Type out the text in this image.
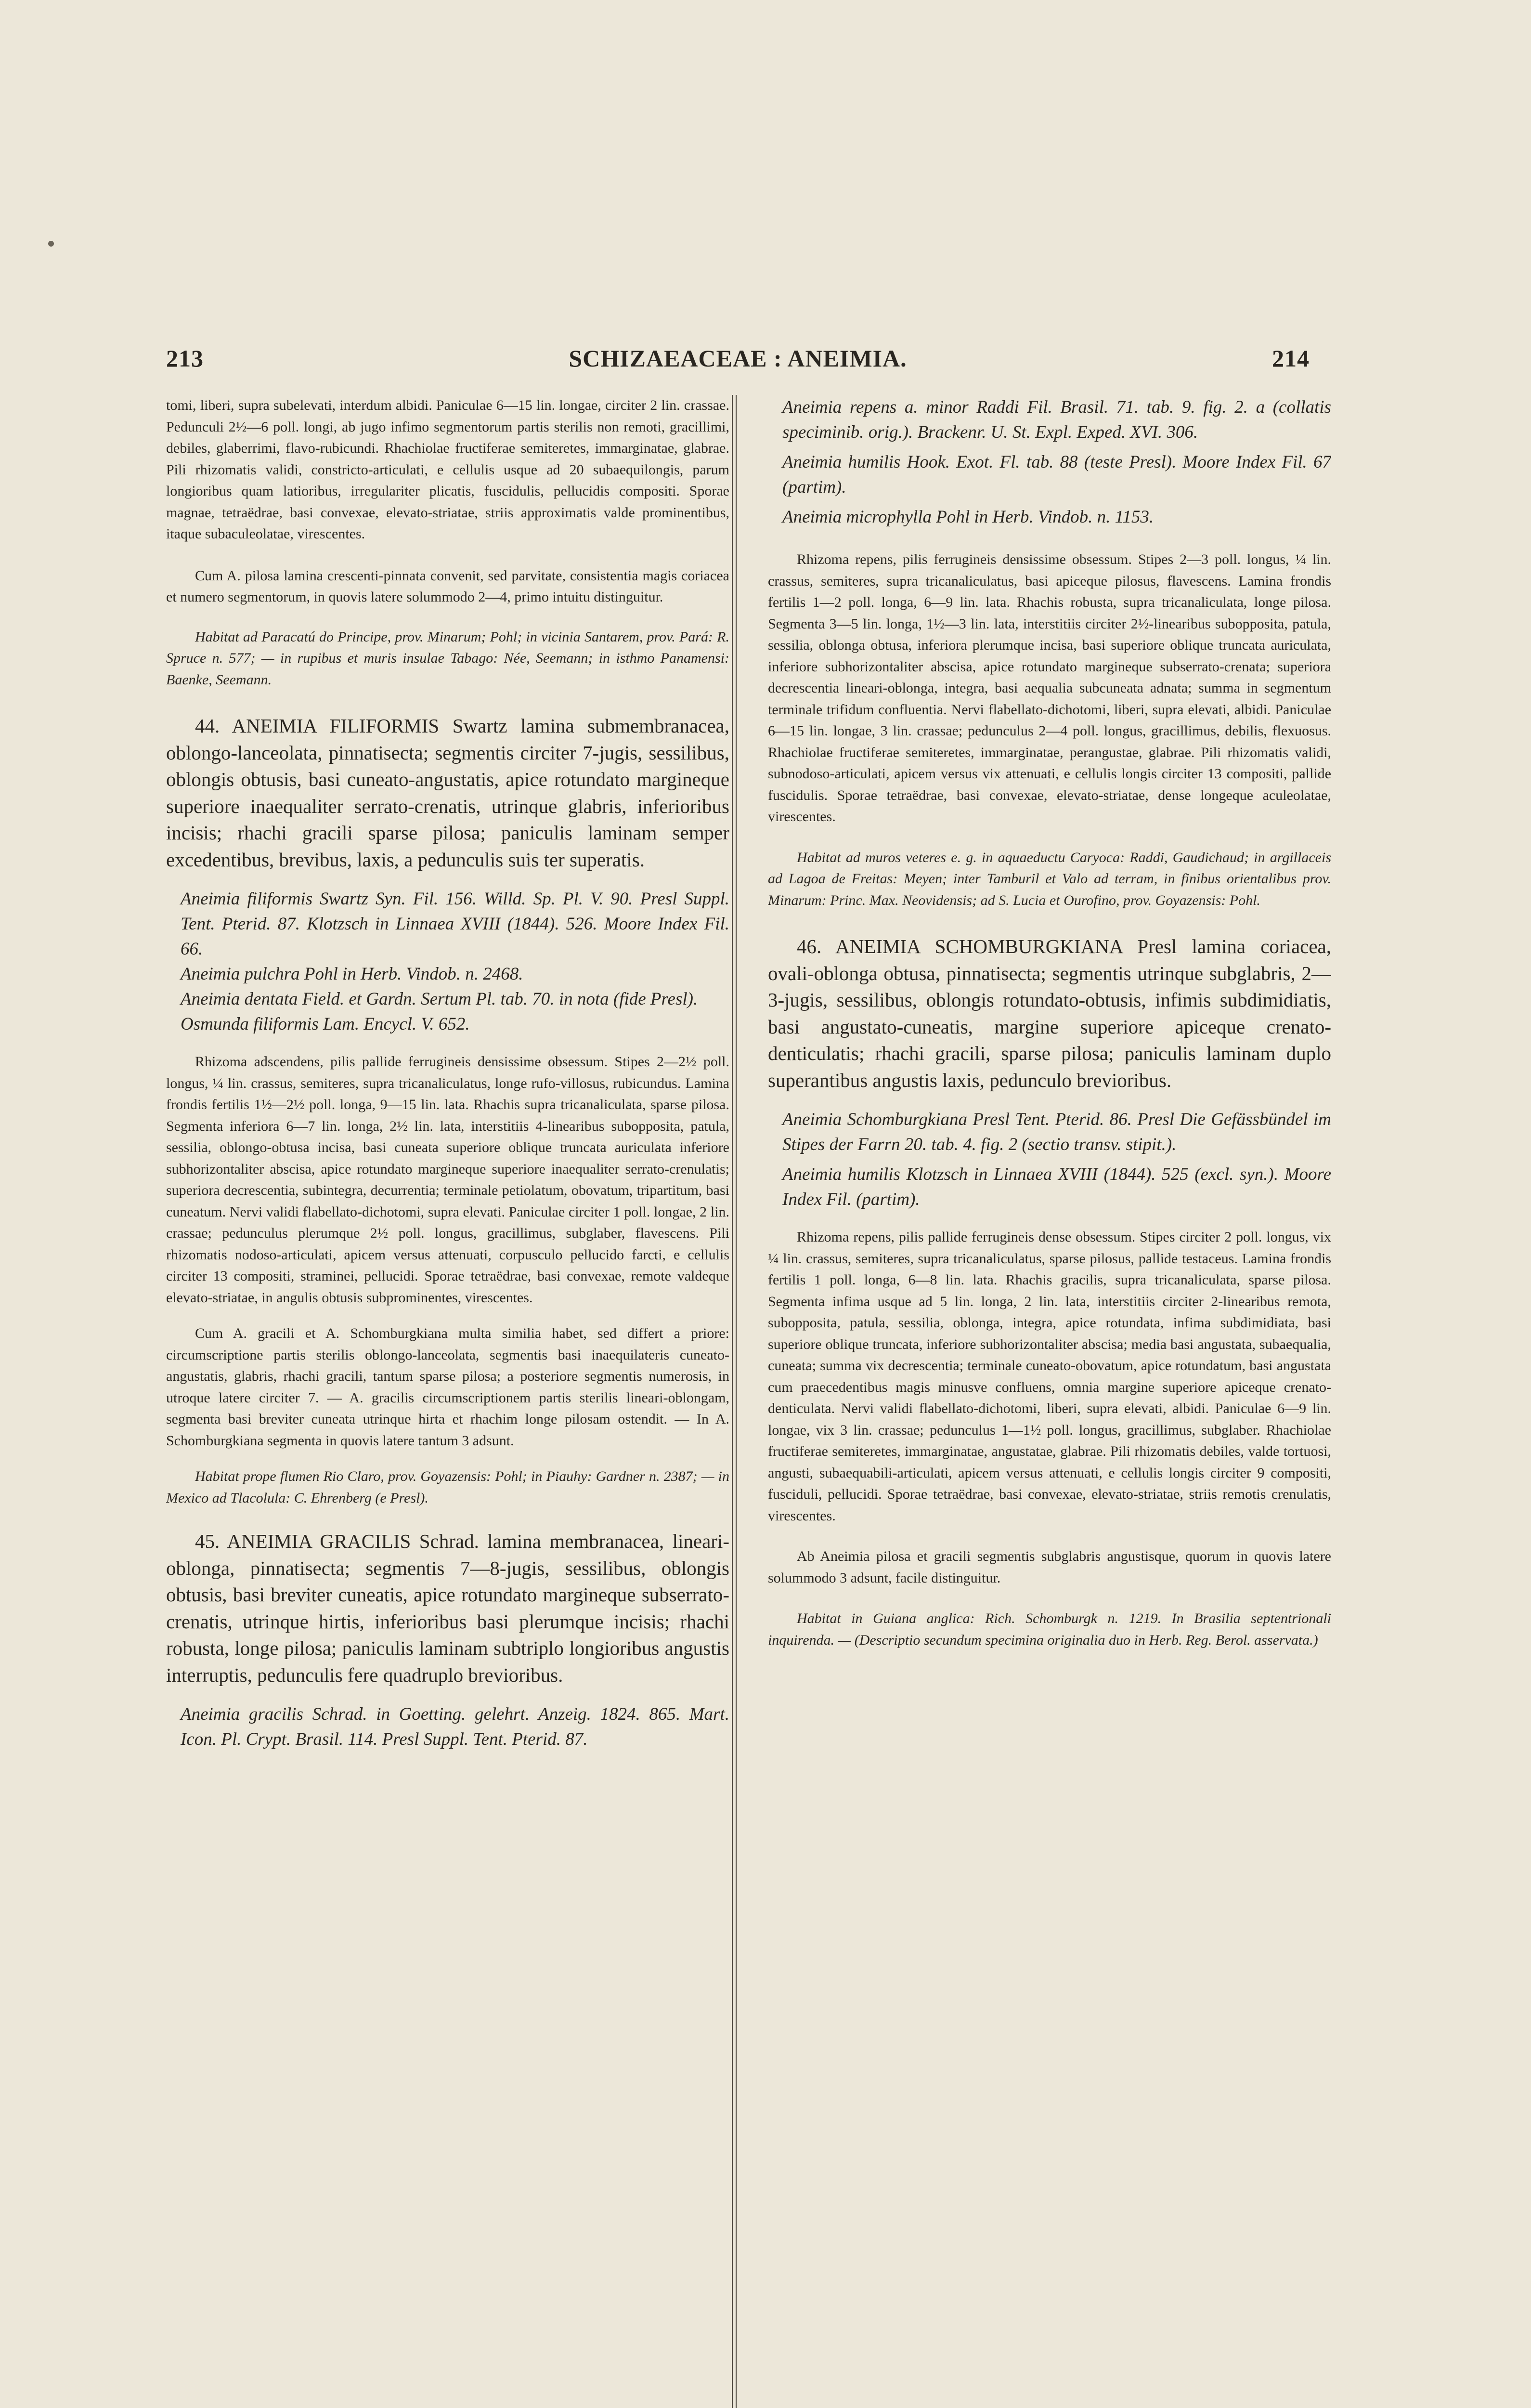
213	SCHIZAEACEAE : ANEIMIA.	214

tomi, liberi, supra subelevati, interdum albidi. Paniculae 6—15 lin. longae, circiter 2 lin. crassae. Pedunculi 2½—6 poll. longi, ab jugo infimo segmentorum partis sterilis non remoti, gracillimi, debiles, glaberrimi, flavo-rubicundi. Rhachiolae fructiferae semiteretes, immarginatae, glabrae. Pili rhizomatis validi, constricto-articulati, e cellulis usque ad 20 subaequilongis, parum longioribus quam latioribus, irregulariter plicatis, fuscidulis, pellucidis compositi. Sporae magnae, tetraëdrae, basi convexae, elevato-striatae, striis approximatis valde prominentibus, itaque subaculeolatae, virescentes.

Cum A. pilosa lamina crescenti-pinnata convenit, sed parvitate, consistentia magis coriacea et numero segmentorum, in quovis latere solummodo 2—4, primo intuitu distinguitur.

Habitat ad Paracatú do Principe, prov. Minarum; Pohl; in vicinia Santarem, prov. Pará: R. Spruce n. 577; — in rupibus et muris insulae Tabago: Née, Seemann; in isthmo Panamensi: Baenke, Seemann.

44. ANEIMIA FILIFORMIS Swartz lamina submembranacea, oblongo-lanceolata, pinnatisecta; segmentis circiter 7-jugis, sessilibus, oblongis obtusis, basi cuneato-angustatis, apice rotundato margineque superiore inaequaliter serrato-crenatis, utrinque glabris, inferioribus incisis; rhachi gracili sparse pilosa; paniculis laminam semper excedentibus, brevibus, laxis, a pedunculis suis ter superatis.

Aneimia filiformis Swartz Syn. Fil. 156. Willd. Sp. Pl. V. 90. Presl Suppl. Tent. Pterid. 87. Klotzsch in Linnaea XVIII (1844). 526. Moore Index Fil. 66.

Aneimia pulchra Pohl in Herb. Vindob. n. 2468.

Aneimia dentata Field. et Gardn. Sertum Pl. tab. 70. in nota (fide Presl).

Osmunda filiformis Lam. Encycl. V. 652.

Rhizoma adscendens, pilis pallide ferrugineis densissime obsessum. Stipes 2—2½ poll. longus, ¼ lin. crassus, semiteres, supra tricanaliculatus, longe rufo-villosus, rubicundus. Lamina frondis fertilis 1½—2½ poll. longa, 9—15 lin. lata. Rhachis supra tricanaliculata, sparse pilosa. Segmenta inferiora 6—7 lin. longa, 2½ lin. lata, interstitiis 4-linearibus subopposita, patula, sessilia, oblongo-obtusa incisa, basi cuneata superiore oblique truncata auriculata inferiore subhorizontaliter abscisa, apice rotundato margineque superiore inaequaliter serrato-crenulatis; superiora decrescentia, subintegra, decurrentia; terminale petiolatum, obovatum, tripartitum, basi cuneatum. Nervi validi flabellato-dichotomi, supra elevati. Paniculae circiter 1 poll. longae, 2 lin. crassae; pedunculus plerumque 2½ poll. longus, gracillimus, subglaber, flavescens. Pili rhizomatis nodoso-articulati, apicem versus attenuati, corpusculo pellucido farcti, e cellulis circiter 13 compositi, straminei, pellucidi. Sporae tetraëdrae, basi convexae, remote valdeque elevato-striatae, in angulis obtusis subprominentes, virescentes.

Cum A. gracili et A. Schomburgkiana multa similia habet, sed differt a priore: circumscriptione partis sterilis oblongo-lanceolata, segmentis basi inaequilateris cuneato-angustatis, glabris, rhachi gracili, tantum sparse pilosa; a posteriore segmentis numerosis, in utroque latere circiter 7. — A. gracilis circumscriptionem partis sterilis lineari-oblongam, segmenta basi breviter cuneata utrinque hirta et rhachim longe pilosam ostendit. — In A. Schomburgkiana segmenta in quovis latere tantum 3 adsunt.

Habitat prope flumen Rio Claro, prov. Goyazensis: Pohl; in Piauhy: Gardner n. 2387; — in Mexico ad Tlacolula: C. Ehrenberg (e Presl).

45. ANEIMIA GRACILIS Schrad. lamina membranacea, lineari-oblonga, pinnatisecta; segmentis 7—8-jugis, sessilibus, oblongis obtusis, basi breviter cuneatis, apice rotundato margineque subserrato-crenatis, utrinque hirtis, inferioribus basi plerumque incisis; rhachi robusta, longe pilosa; paniculis laminam subtriplo longioribus angustis interruptis, pedunculis fere quadruplo brevioribus.

Aneimia gracilis Schrad. in Goetting. gelehrt. Anzeig. 1824. 865. Mart. Icon. Pl. Crypt. Brasil. 114. Presl Suppl. Tent. Pterid. 87.

Aneimia repens a. minor Raddi Fil. Brasil. 71. tab. 9. fig. 2. a (collatis speciminib. orig.). Brackenr. U. St. Expl. Exped. XVI. 306.

Aneimia humilis Hook. Exot. Fl. tab. 88 (teste Presl). Moore Index Fil. 67 (partim).

Aneimia microphylla Pohl in Herb. Vindob. n. 1153.

Rhizoma repens, pilis ferrugineis densissime obsessum. Stipes 2—3 poll. longus, ¼ lin. crassus, semiteres, supra tricanaliculatus, basi apiceque pilosus, flavescens. Lamina frondis fertilis 1—2 poll. longa, 6—9 lin. lata. Rhachis robusta, supra tricanaliculata, longe pilosa. Segmenta 3—5 lin. longa, 1½—3 lin. lata, interstitiis circiter 2½-linearibus subopposita, patula, sessilia, oblonga obtusa, inferiora plerumque incisa, basi superiore oblique truncata auriculata, inferiore subhorizontaliter abscisa, apice rotundato margineque subserrato-crenata; superiora decrescentia lineari-oblonga, integra, basi aequalia subcuneata adnata; summa in segmentum terminale trifidum confluentia. Nervi flabellato-dichotomi, liberi, supra elevati, albidi. Paniculae 6—15 lin. longae, 3 lin. crassae; pedunculus 2—4 poll. longus, gracillimus, debilis, flexuosus. Rhachiolae fructiferae semiteretes, immarginatae, perangustae, glabrae. Pili rhizomatis validi, subnodoso-articulati, apicem versus vix attenuati, e cellulis longis circiter 13 compositi, pallide fuscidulis. Sporae tetraëdrae, basi convexae, elevato-striatae, dense longeque aculeolatae, virescentes.

Habitat ad muros veteres e. g. in aquaeductu Caryoca: Raddi, Gaudichaud; in argillaceis ad Lagoa de Freitas: Meyen; inter Tamburil et Valo ad terram, in finibus orientalibus prov. Minarum: Princ. Max. Neovidensis; ad S. Lucia et Ourofino, prov. Goyazensis: Pohl.

46. ANEIMIA SCHOMBURGKIANA Presl lamina coriacea, ovali-oblonga obtusa, pinnatisecta; segmentis utrinque subglabris, 2—3-jugis, sessilibus, oblongis rotundato-obtusis, infimis subdimidiatis, basi angustato-cuneatis, margine superiore apiceque crenato-denticulatis; rhachi gracili, sparse pilosa; paniculis laminam duplo superantibus angustis laxis, pedunculo brevioribus.

Aneimia Schomburgkiana Presl Tent. Pterid. 86. Presl Die Gefässbündel im Stipes der Farrn 20. tab. 4. fig. 2 (sectio transv. stipit.).

Aneimia humilis Klotzsch in Linnaea XVIII (1844). 525 (excl. syn.). Moore Index Fil. (partim).

Rhizoma repens, pilis pallide ferrugineis dense obsessum. Stipes circiter 2 poll. longus, vix ¼ lin. crassus, semiteres, supra tricanaliculatus, sparse pilosus, pallide testaceus. Lamina frondis fertilis 1 poll. longa, 6—8 lin. lata. Rhachis gracilis, supra tricanaliculata, sparse pilosa. Segmenta infima usque ad 5 lin. longa, 2 lin. lata, interstitiis circiter 2-linearibus remota, subopposita, patula, sessilia, oblonga, integra, apice rotundata, infima subdimidiata, basi superiore oblique truncata, inferiore subhorizontaliter abscisa; media basi angustata, subaequalia, cuneata; summa vix decrescentia; terminale cuneato-obovatum, apice rotundatum, basi angustata cum praecedentibus magis minusve confluens, omnia margine superiore apiceque crenato-denticulata. Nervi validi flabellato-dichotomi, liberi, supra elevati, albidi. Paniculae 6—9 lin. longae, vix 3 lin. crassae; pedunculus 1—1½ poll. longus, gracillimus, subglaber. Rhachiolae fructiferae semiteretes, immarginatae, angustatae, glabrae. Pili rhizomatis debiles, valde tortuosi, angusti, subaequabili-articulati, apicem versus attenuati, e cellulis longis circiter 9 compositi, fusciduli, pellucidi. Sporae tetraëdrae, basi convexae, elevato-striatae, striis remotis crenulatis, virescentes.

Ab Aneimia pilosa et gracili segmentis subglabris angustisque, quorum in quovis latere solummodo 3 adsunt, facile distinguitur.

Habitat in Guiana anglica: Rich. Schomburgk n. 1219. In Brasilia septentrionali inquirenda. — (Descriptio secundum specimina originalia duo in Herb. Reg. Berol. asservata.)
